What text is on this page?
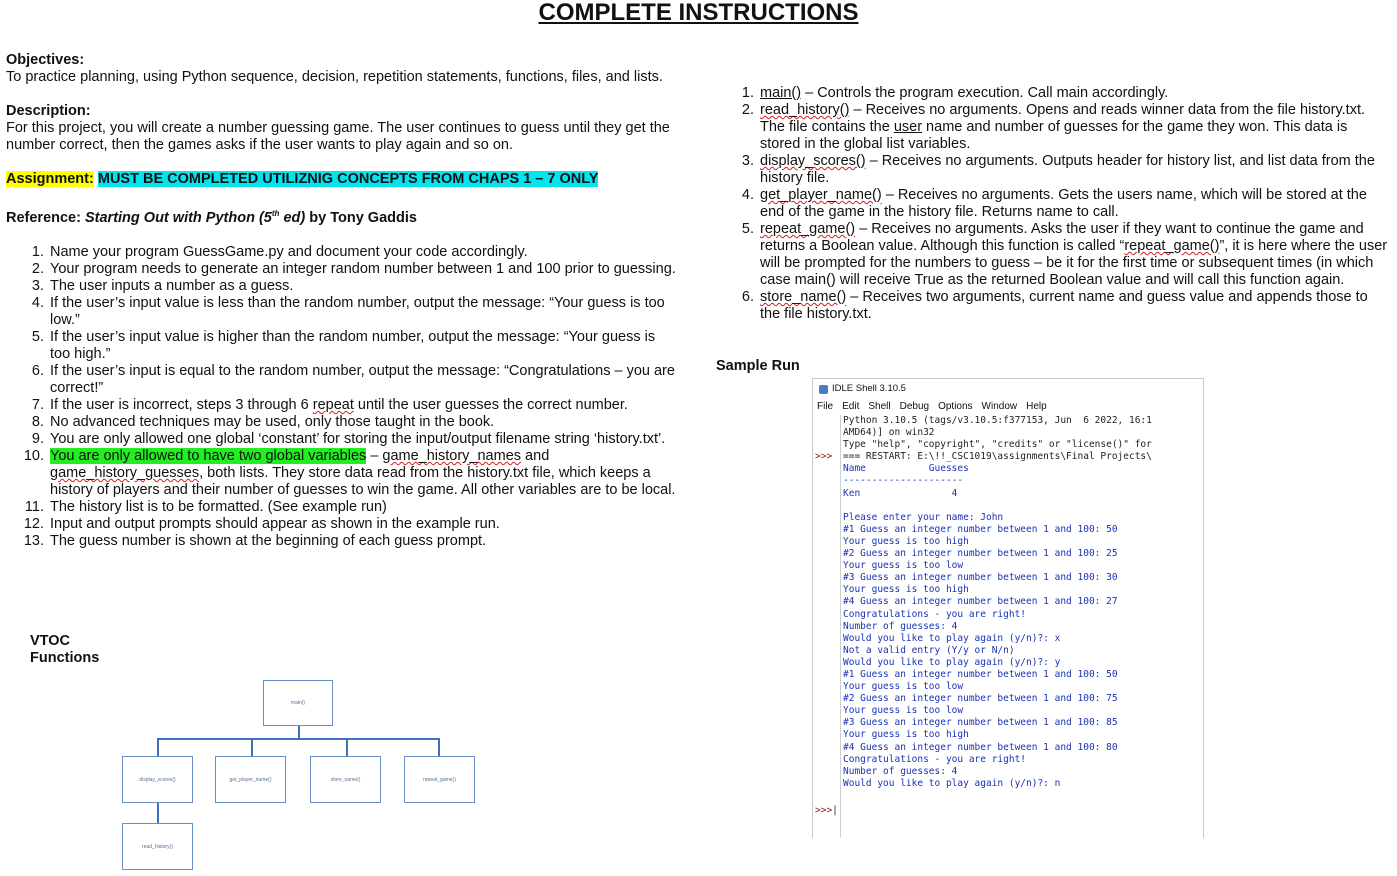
COMPLETE INSTRUCTIONS

Objectives:

To practice planning, using Python sequence, decision, repetition statements, functions, files, and lists.

Description:

For this project, you will create a number guessing game. The user continues to guess until they get the number correct, then the games asks if the user wants to play again and so on.

Assignment: MUST BE COMPLETED UTILIZNIG CONCEPTS FROM CHAPS 1 – 7 ONLY

Reference: Starting Out with Python (5th ed) by Tony Gaddis

1. Name your program GuessGame.py and document your code accordingly.
2. Your program needs to generate an integer random number between 1 and 100 prior to guessing.
3. The user inputs a number as a guess.
4. If the user’s input value is less than the random number, output the message: “Your guess is too low.”
5. If the user’s input value is higher than the random number, output the message: “Your guess is too high.”
6. If the user’s input is equal to the random number, output the message: “Congratulations – you are correct!”
7. If the user is incorrect, steps 3 through 6 repeat until the user guesses the correct number.
8. No advanced techniques may be used, only those taught in the book.
9. You are only allowed one global ‘constant’ for storing the input/output filename string ‘history.txt’.
10. You are only allowed to have two global variables – game_history_names and game_history_guesses, both lists. They store data read from the history.txt file, which keeps a history of players and their number of guesses to win the game. All other variables are to be local.
11. The history list is to be formatted. (See example run)
12. Input and output prompts should appear as shown in the example run.
13. The guess number is shown at the beginning of each guess prompt.
VTOC
Functions
main()
display_scores()	get_player_name()	store_name()	repeat_game()
read_history()
1. main() – Controls the program execution. Call main accordingly.
2. read_history() – Receives no arguments. Opens and reads winner data from the file history.txt. The file contains the user name and number of guesses for the game they won. This data is stored in the global list variables.
3. display_scores() – Receives no arguments. Outputs header for history list, and list data from the history file.
4. get_player_name() – Receives no arguments. Gets the users name, which will be stored at the end of the game in the history file. Returns name to call.
5. repeat_game() – Receives no arguments. Asks the user if they want to continue the game and returns a Boolean value. Although this function is called “repeat_game()”, it is here where the user will be prompted for the numbers to guess – be it for the first time or subsequent times (in which case main() will receive True as the returned Boolean value and will call this function again.
6. store_name() – Receives two arguments, current name and guess value and appends those to the file history.txt.
Sample Run
IDLE Shell 3.10.5
File Edit Shell Debug Options Window Help
>>>
>>>|
Python 3.10.5 (tags/v3.10.5:f377153, Jun  6 2022, 16:1
AMD64)] on win32
Type "help", "copyright", "credits" or "license()" for
=== RESTART: E:\!!_CSC1019\assignments\Final Projects\
Name           Guesses
---------------------
Ken                4

Please enter your name: John
#1 Guess an integer number between 1 and 100: 50
Your guess is too high
#2 Guess an integer number between 1 and 100: 25
Your guess is too low
#3 Guess an integer number between 1 and 100: 30
Your guess is too high
#4 Guess an integer number between 1 and 100: 27
Congratulations - you are right!
Number of guesses: 4
Would you like to play again (y/n)?: x
Not a valid entry (Y/y or N/n)
Would you like to play again (y/n)?: y
#1 Guess an integer number between 1 and 100: 50
Your guess is too low
#2 Guess an integer number between 1 and 100: 75
Your guess is too low
#3 Guess an integer number between 1 and 100: 85
Your guess is too high
#4 Guess an integer number between 1 and 100: 80
Congratulations - you are right!
Number of guesses: 4
Would you like to play again (y/n)?: n
